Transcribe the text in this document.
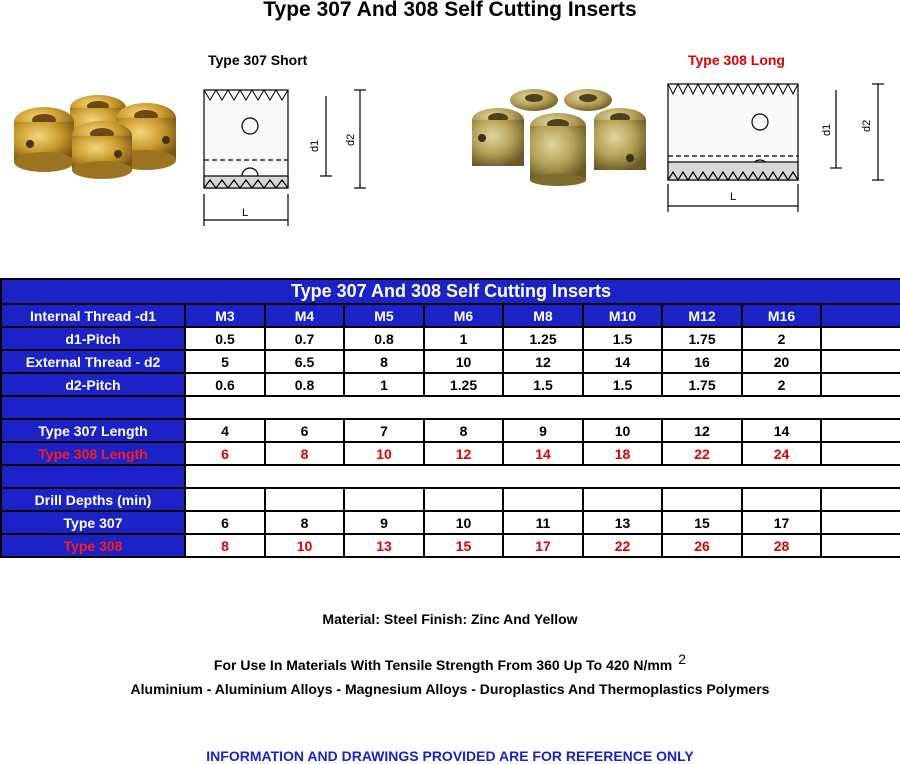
Type 307 And 308 Self Cutting Inserts
Type 307 Short	Type 308 Long
d1 d2
L
d1	d2
L
Type 307 And 308 Self Cutting Inserts									
Internal Thread -d1	M3	M4	M5	M6	M8	M10	M12	M16	
d1-Pitch	0.5	0.7	0.8	1	1.25	1.5	1.75	2	
External Thread - d2	5	6.5	8	10	12	14	16	20	
d2-Pitch	0.6	0.8	1	1.25	1.5	1.5	1.75	2	

Type 307 Length	4	6	7	8	9	10	12	14	
Type 308 Length	6	8	10	12	14	18	22	24	

Drill Depths (min)									
Type 307	6	8	9	10	11	13	15	17	
Type 308	8	10	13	15	17	22	26	28	
Material: Steel Finish: Zinc And Yellow
For Use In Materials With Tensile Strength From 360 Up To 420 N/mm 2
Aluminium - Aluminium Alloys - Magnesium Alloys - Duroplastics And Thermoplastics Polymers
INFORMATION AND DRAWINGS PROVIDED ARE FOR REFERENCE ONLY
